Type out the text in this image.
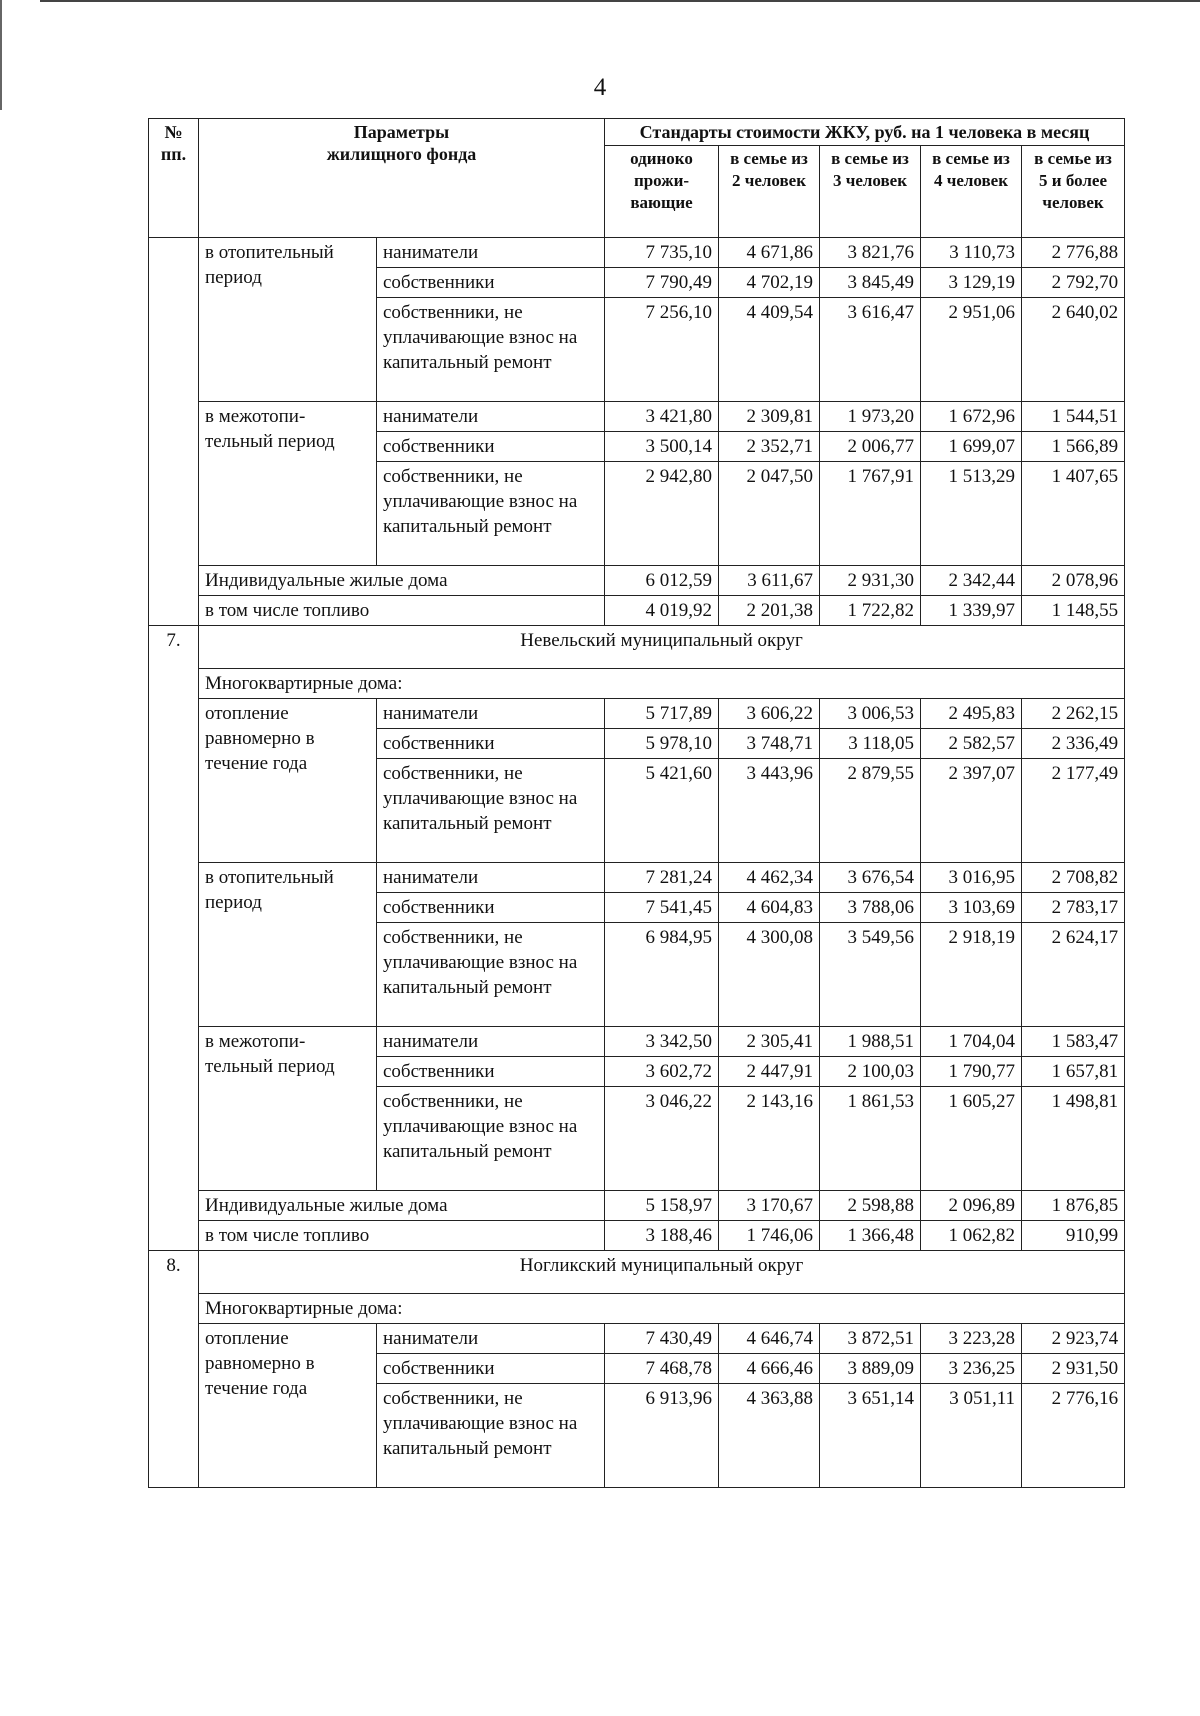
4
№
пп.	Параметры
жилищного фонда		Стандарты стоимости ЖКУ, руб. на 1 человека в месяц				
			одиноко прожи-вающие	в семье из 2 человек	в семье из 3 человек	в семье из 4 человек	в семье из 5 и более человек
	в отопительный период	наниматели	7 735,10	4 671,86	3 821,76	3 110,73	2 776,88
		собственники	7 790,49	4 702,19	3 845,49	3 129,19	2 792,70
		собственники, не уплачивающие взнос на капитальный ремонт	7 256,10	4 409,54	3 616,47	2 951,06	2 640,02
	в межотопи-тельный период	наниматели	3 421,80	2 309,81	1 973,20	1 672,96	1 544,51
		собственники	3 500,14	2 352,71	2 006,77	1 699,07	1 566,89
		собственники, не уплачивающие взнос на капитальный ремонт	2 942,80	2 047,50	1 767,91	1 513,29	1 407,65
	Индивидуальные жилые дома		6 012,59	3 611,67	2 931,30	2 342,44	2 078,96
	в том числе топливо		4 019,92	2 201,38	1 722,82	1 339,97	1 148,55
7.	Невельский муниципальный округ						
	Многоквартирные дома:						
	отопление равномерно в течение года	наниматели	5 717,89	3 606,22	3 006,53	2 495,83	2 262,15
		собственники	5 978,10	3 748,71	3 118,05	2 582,57	2 336,49
		собственники, не уплачивающие взнос на капитальный ремонт	5 421,60	3 443,96	2 879,55	2 397,07	2 177,49
	в отопительный период	наниматели	7 281,24	4 462,34	3 676,54	3 016,95	2 708,82
		собственники	7 541,45	4 604,83	3 788,06	3 103,69	2 783,17
		собственники, не уплачивающие взнос на капитальный ремонт	6 984,95	4 300,08	3 549,56	2 918,19	2 624,17
	в межотопи-тельный период	наниматели	3 342,50	2 305,41	1 988,51	1 704,04	1 583,47
		собственники	3 602,72	2 447,91	2 100,03	1 790,77	1 657,81
		собственники, не уплачивающие взнос на капитальный ремонт	3 046,22	2 143,16	1 861,53	1 605,27	1 498,81
	Индивидуальные жилые дома		5 158,97	3 170,67	2 598,88	2 096,89	1 876,85
	в том числе топливо		3 188,46	1 746,06	1 366,48	1 062,82	910,99
8.	Ногликский муниципальный округ						
	Многоквартирные дома:						
	отопление равномерно в течение года	наниматели	7 430,49	4 646,74	3 872,51	3 223,28	2 923,74
		собственники	7 468,78	4 666,46	3 889,09	3 236,25	2 931,50
		собственники, не уплачивающие взнос на капитальный ремонт	6 913,96	4 363,88	3 651,14	3 051,11	2 776,16
